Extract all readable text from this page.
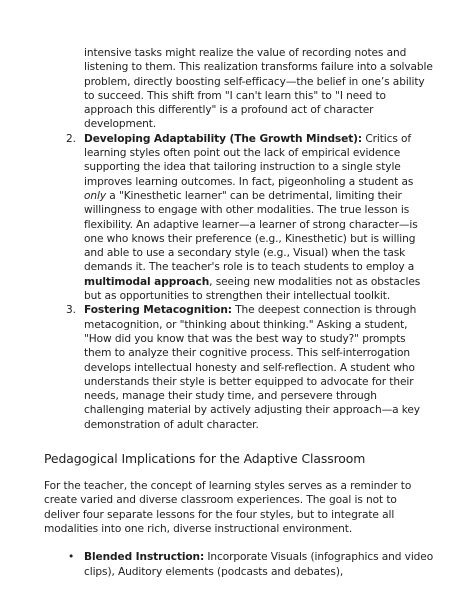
intensive tasks might realize the value of recording notes and listening to them. This realization transforms failure into a solvable problem, directly boosting self-efficacy—the belief in one’s ability to succeed. This shift from "I can't learn this" to "I need to approach this differently" is a profound act of character development.

2. Developing Adaptability (The Growth Mindset): Critics of learning styles often point out the lack of empirical evidence supporting the idea that tailoring instruction to a single style improves learning outcomes. In fact, pigeonholing a student as only a "Kinesthetic learner" can be detrimental, limiting their willingness to engage with other modalities. The true lesson is flexibility. An adaptive learner—a learner of strong character—is one who knows their preference (e.g., Kinesthetic) but is willing and able to use a secondary style (e.g., Visual) when the task demands it. The teacher's role is to teach students to employ a multimodal approach, seeing new modalities not as obstacles but as opportunities to strengthen their intellectual toolkit.
3. Fostering Metacognition: The deepest connection is through metacognition, or "thinking about thinking." Asking a student, "How did you know that was the best way to study?" prompts them to analyze their cognitive process. This self-interrogation develops intellectual honesty and self-reflection. A student who understands their style is better equipped to advocate for their needs, manage their study time, and persevere through challenging material by actively adjusting their approach—a key demonstration of adult character.
Pedagogical Implications for the Adaptive Classroom

For the teacher, the concept of learning styles serves as a reminder to create varied and diverse classroom experiences. The goal is not to deliver four separate lessons for the four styles, but to integrate all modalities into one rich, diverse instructional environment.

• Blended Instruction: Incorporate Visuals (infographics and video clips), Auditory elements (podcasts and debates),
